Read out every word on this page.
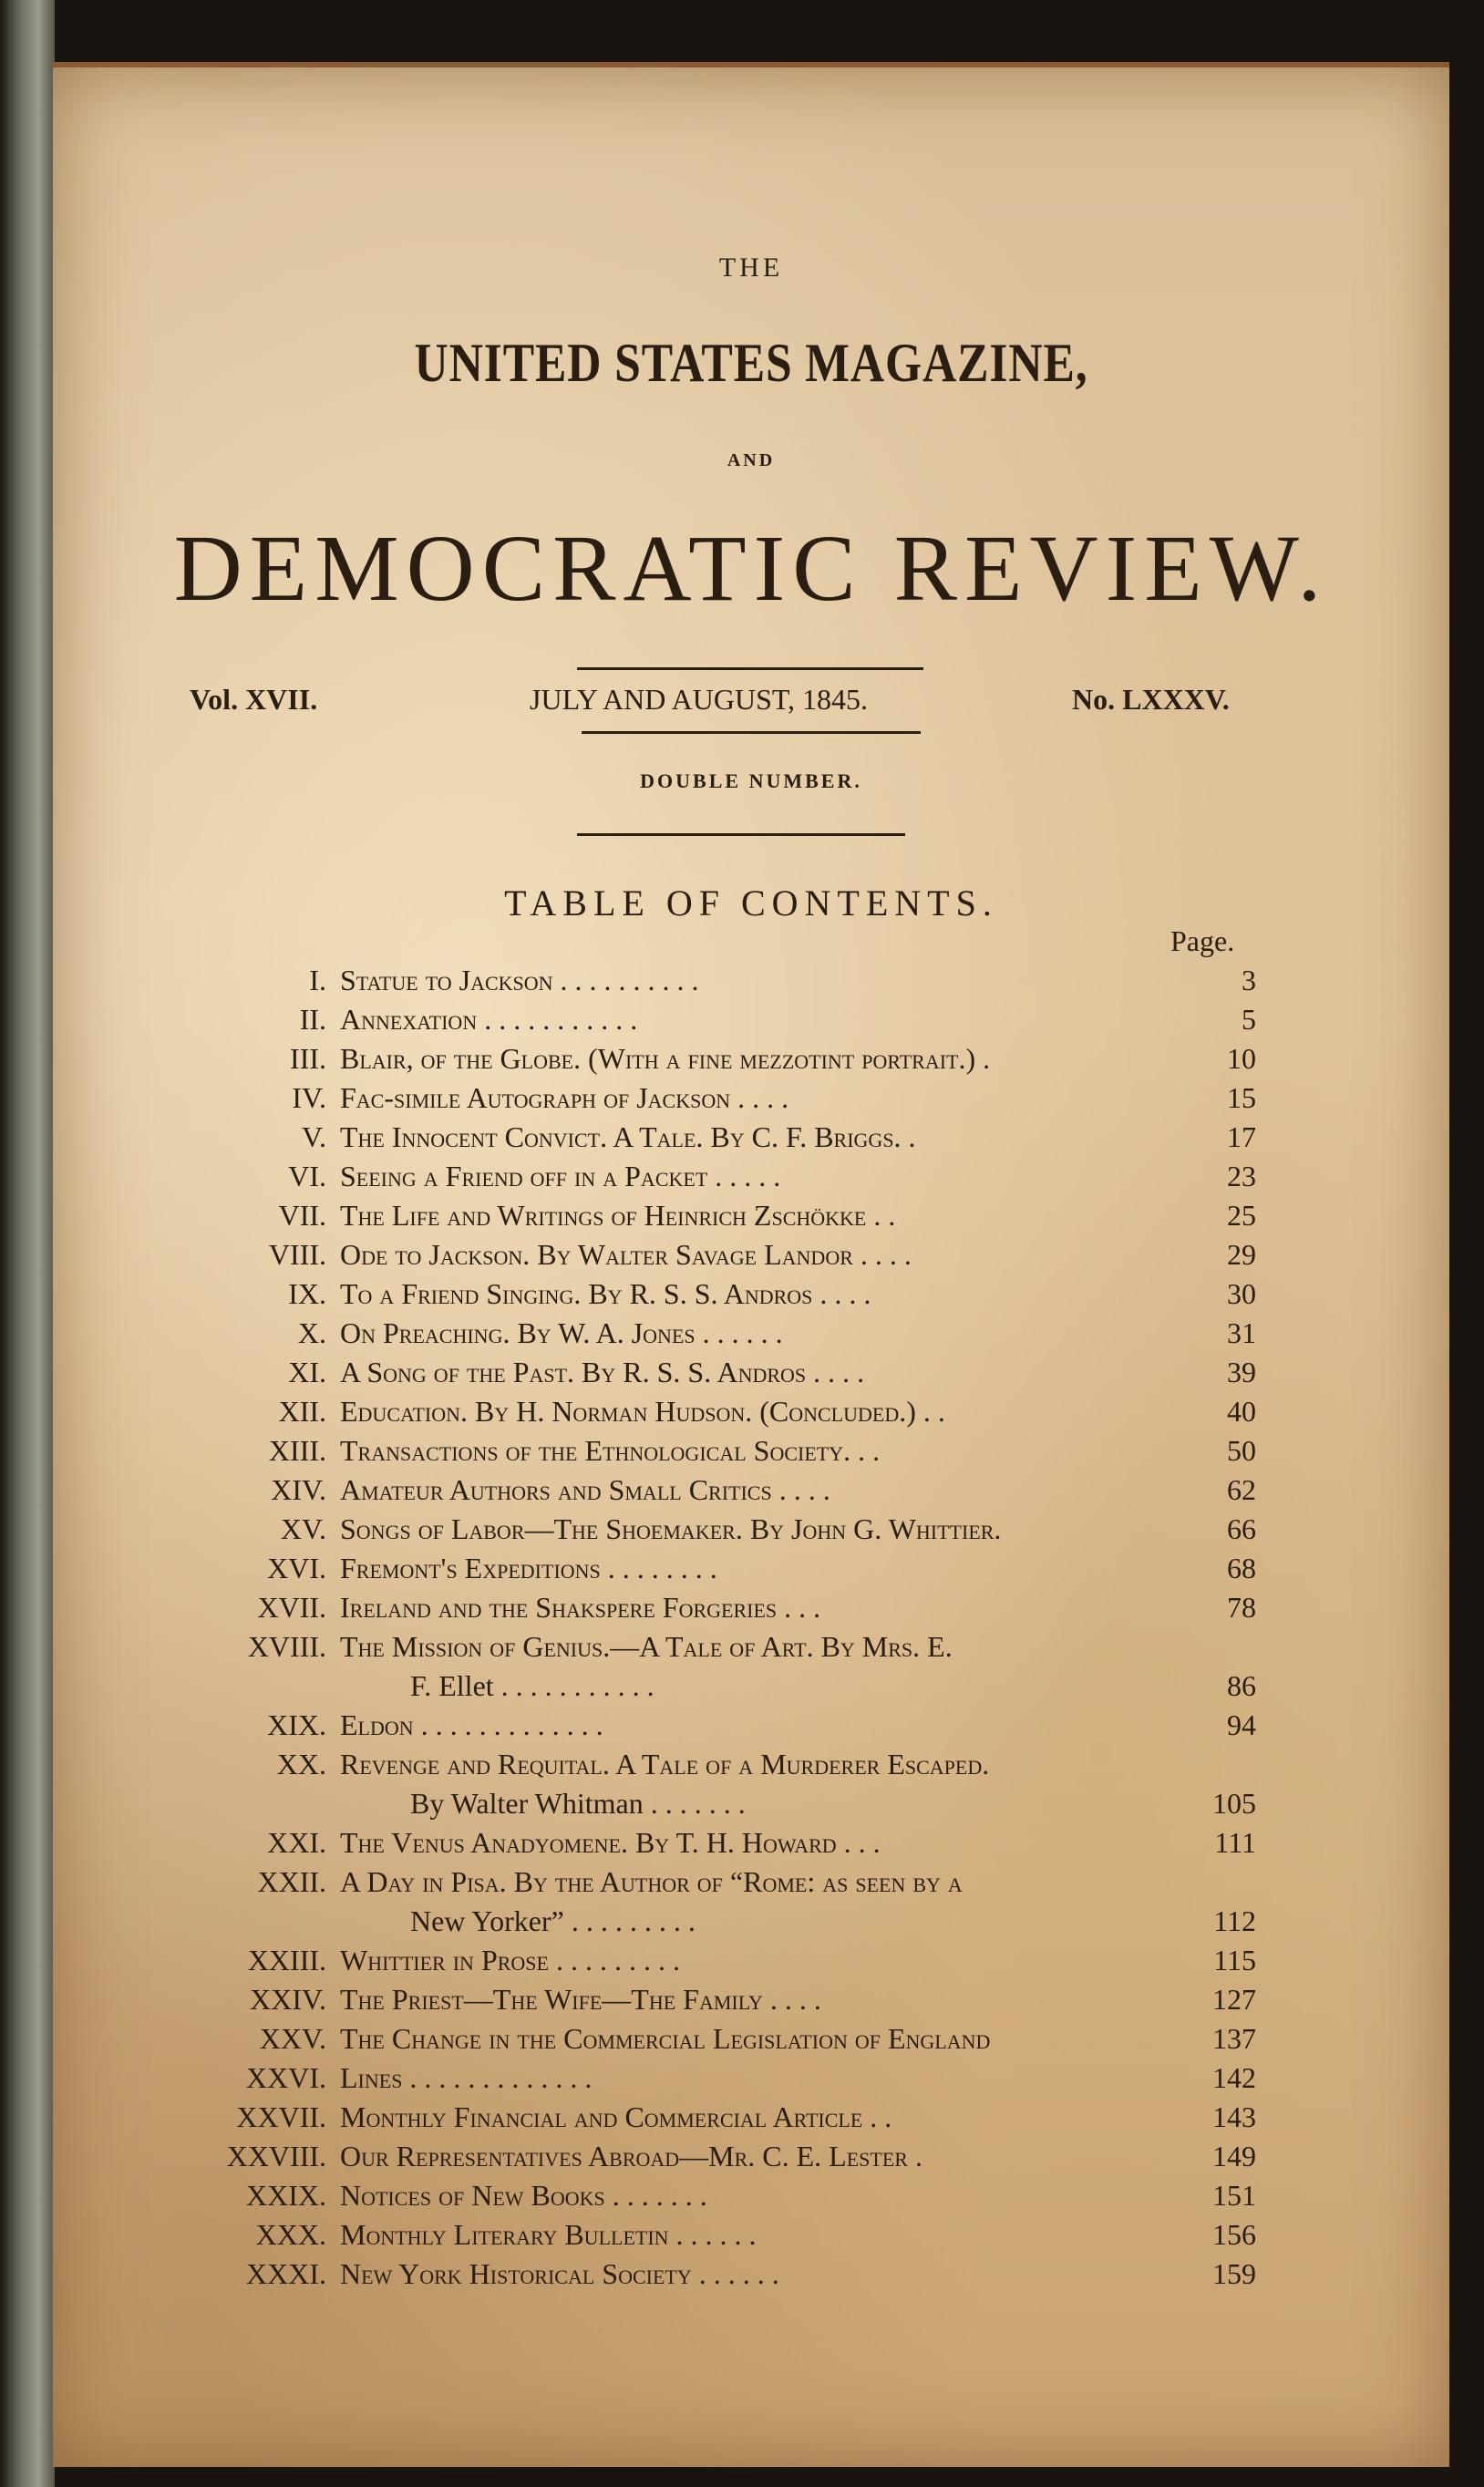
THE
UNITED STATES MAGAZINE,
AND
DEMOCRATIC REVIEW.
Vol. XVII.	JULY AND AUGUST, 1845.	No. LXXXV.
DOUBLE NUMBER.
TABLE OF CONTENTS.
Page.
I. Statue to Jackson . . . . . . . . . .	3
II. Annexation . . . . . . . . . . .	5
III. Blair, of the Globe. (With a fine mezzotint portrait.) .	10
IV. Fac-simile Autograph of Jackson . . . .	15
V. The Innocent Convict. A Tale. By C. F. Briggs. .	17
VI. Seeing a Friend off in a Packet . . . . .	23
VII. The Life and Writings of Heinrich Zschökke . .	25
VIII. Ode to Jackson. By Walter Savage Landor . . . .	29
IX. To a Friend Singing. By R. S. S. Andros . . . .	30
X. On Preaching. By W. A. Jones . . . . . .	31
XI. A Song of the Past. By R. S. S. Andros . . . .	39
XII. Education. By H. Norman Hudson. (Concluded.) . .	40
XIII. Transactions of the Ethnological Society. . .	50
XIV. Amateur Authors and Small Critics . . . .	62
XV. Songs of Labor—The Shoemaker. By John G. Whittier.	66
XVI. Fremont's Expeditions . . . . . . . .	68
XVII. Ireland and the Shakspere Forgeries . . .	78
XVIII. The Mission of Genius.—A Tale of Art. By Mrs. E.
F. Ellet . . . . . . . . . . .	86
XIX. Eldon . . . . . . . . . . . . .	94
XX. Revenge and Requital. A Tale of a Murderer Escaped.
By Walter Whitman . . . . . . .	105
XXI. The Venus Anadyomene. By T. H. Howard . . .	111
XXII. A Day in Pisa. By the Author of “Rome: as seen by a
New Yorker” . . . . . . . . .	112
XXIII. Whittier in Prose . . . . . . . . .	115
XXIV. The Priest—The Wife—The Family . . . .	127
XXV. The Change in the Commercial Legislation of England	137
XXVI. Lines . . . . . . . . . . . . .	142
XXVII. Monthly Financial and Commercial Article . .	143
XXVIII. Our Representatives Abroad—Mr. C. E. Lester .	149
XXIX. Notices of New Books . . . . . . .	151
XXX. Monthly Literary Bulletin . . . . . .	156
XXXI. New York Historical Society . . . . . .	159
